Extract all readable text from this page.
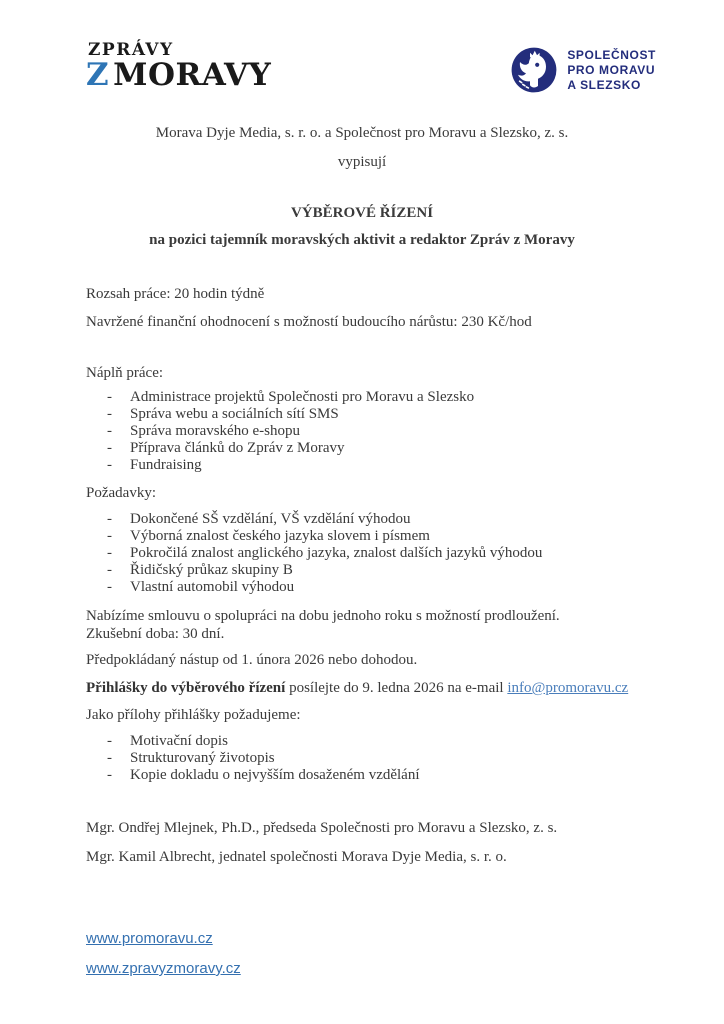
ZPRÁVY
Z MORAVY
SPOLEČNOST
PRO MORAVU
A SLEZSKO

Morava Dyje Media, s. r. o. a Společnost pro Moravu a Slezsko, z. s.

vypisují

VÝBĚROVÉ ŘÍZENÍ

na pozici tajemník moravských aktivit a redaktor Zpráv z Moravy

Rozsah práce: 20 hodin týdně

Navržené finanční ohodnocení s možností budoucího nárůstu: 230 Kč/hod

Náplň práce:

-	Administrace projektů Společnosti pro Moravu a Slezsko
-	Správa webu a sociálních sítí SMS
-	Správa moravského e-shopu
-	Příprava článků do Zpráv z Moravy
-	Fundraising

Požadavky:

-	Dokončené SŠ vzdělání, VŠ vzdělání výhodou
-	Výborná znalost českého jazyka slovem i písmem
-	Pokročilá znalost anglického jazyka, znalost dalších jazyků výhodou
-	Řidičský průkaz skupiny B
-	Vlastní automobil výhodou

Nabízíme smlouvu o spolupráci na dobu jednoho roku s možností prodloužení.
Zkušební doba: 30 dní.

Předpokládaný nástup od 1. února 2026 nebo dohodou.

Přihlášky do výběrového řízení posílejte do 9. ledna 2026 na e-mail info@promoravu.cz

Jako přílohy přihlášky požadujeme:

-	Motivační dopis
-	Strukturovaný životopis
-	Kopie dokladu o nejvyšším dosaženém vzdělání

Mgr. Ondřej Mlejnek, Ph.D., předseda Společnosti pro Moravu a Slezsko, z. s.

Mgr. Kamil Albrecht, jednatel společnosti Morava Dyje Media, s. r. o.

www.promoravu.cz
www.zpravyzmoravy.cz
